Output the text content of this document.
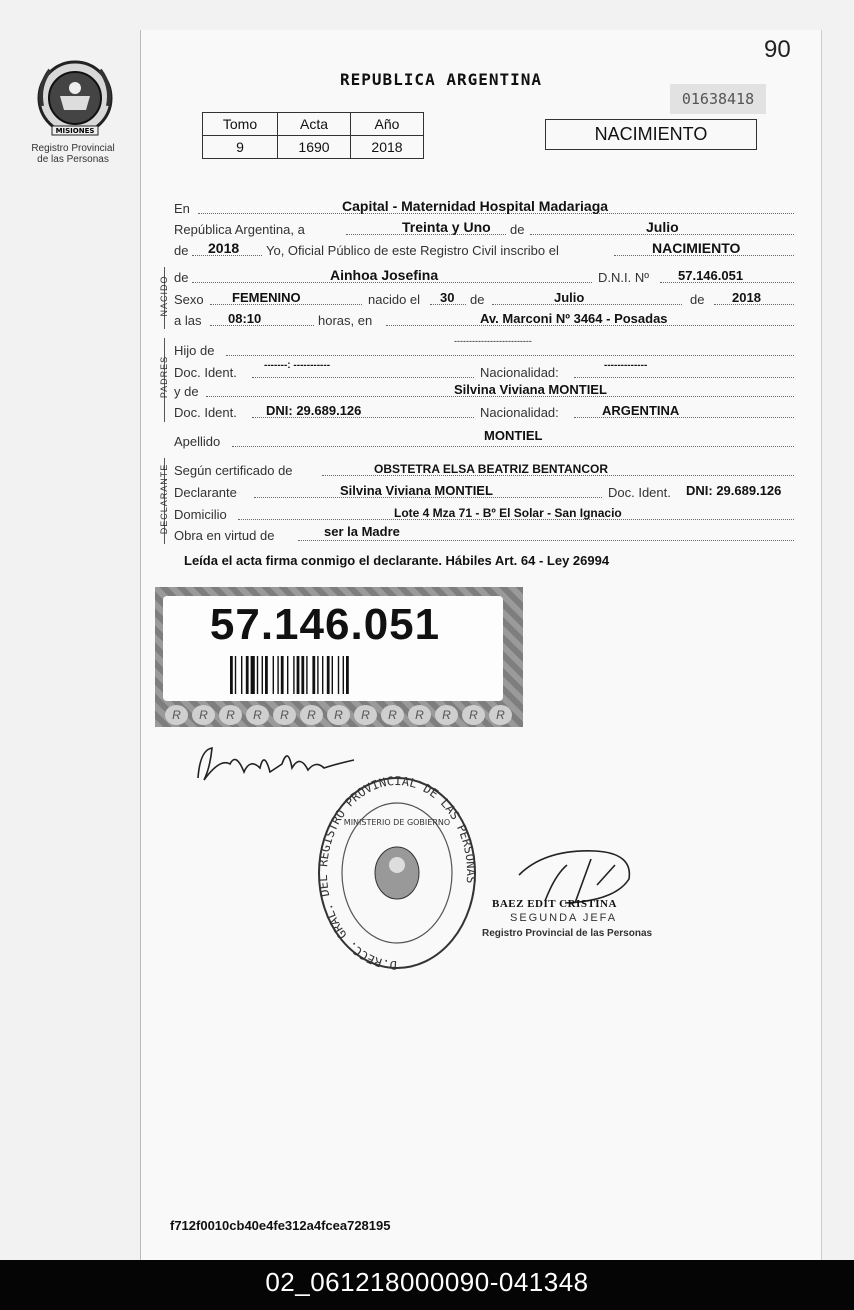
MISIONES
Registro Provincial
de las Personas
90
REPUBLICA ARGENTINA
01638418
Tomo	Acta	Año
9	1690	2018
NACIMIENTO
NACIDO
PADRES
DECLARANTE
En	Capital - Maternidad Hospital Madariaga
República Argentina, a	Treinta y Uno de	Julio
de 2018 Yo, Oficial Público de este Registro Civil inscribo el	NACIMIENTO
de	Ainhoa Josefina	D.N.I. Nº 57.146.051
Sexo FEMENINO	nacido el 30 de	Julio	de 2018
a las 08:10	horas, en	Av. Marconi Nº 3464 - Posadas
Hijo de
--------------------------
Doc. Ident.	-------: -----------	Nacionalidad:	-------------
y de	Silvina Viviana MONTIEL
Doc. Ident. DNI: 29.689.126	Nacionalidad:	ARGENTINA
Apellido	MONTIEL
Según certificado de	OBSTETRA ELSA BEATRIZ BENTANCOR
Declarante	Silvina Viviana MONTIEL	Doc. Ident. DNI: 29.689.126
Domicilio	Lote 4 Mza 71 - Bº El Solar - San Ignacio
Obra en virtud de	ser la Madre
Leída el acta firma conmigo el declarante. Hábiles Art. 64 - Ley 26994
57.146.051
R	R	R	R	R	R	R	R	R	R	R	R	R
D.RECC. GRAL. DEL REGISTRO PROVINCIAL DE LAS PERSONAS
MINISTERIO DE GOBIERNO
BAEZ EDIT CRISTINA
SEGUNDA JEFA
Registro Provincial de las Personas
f712f0010cb40e4fe312a4fcea728195
02_061218000090-041348
